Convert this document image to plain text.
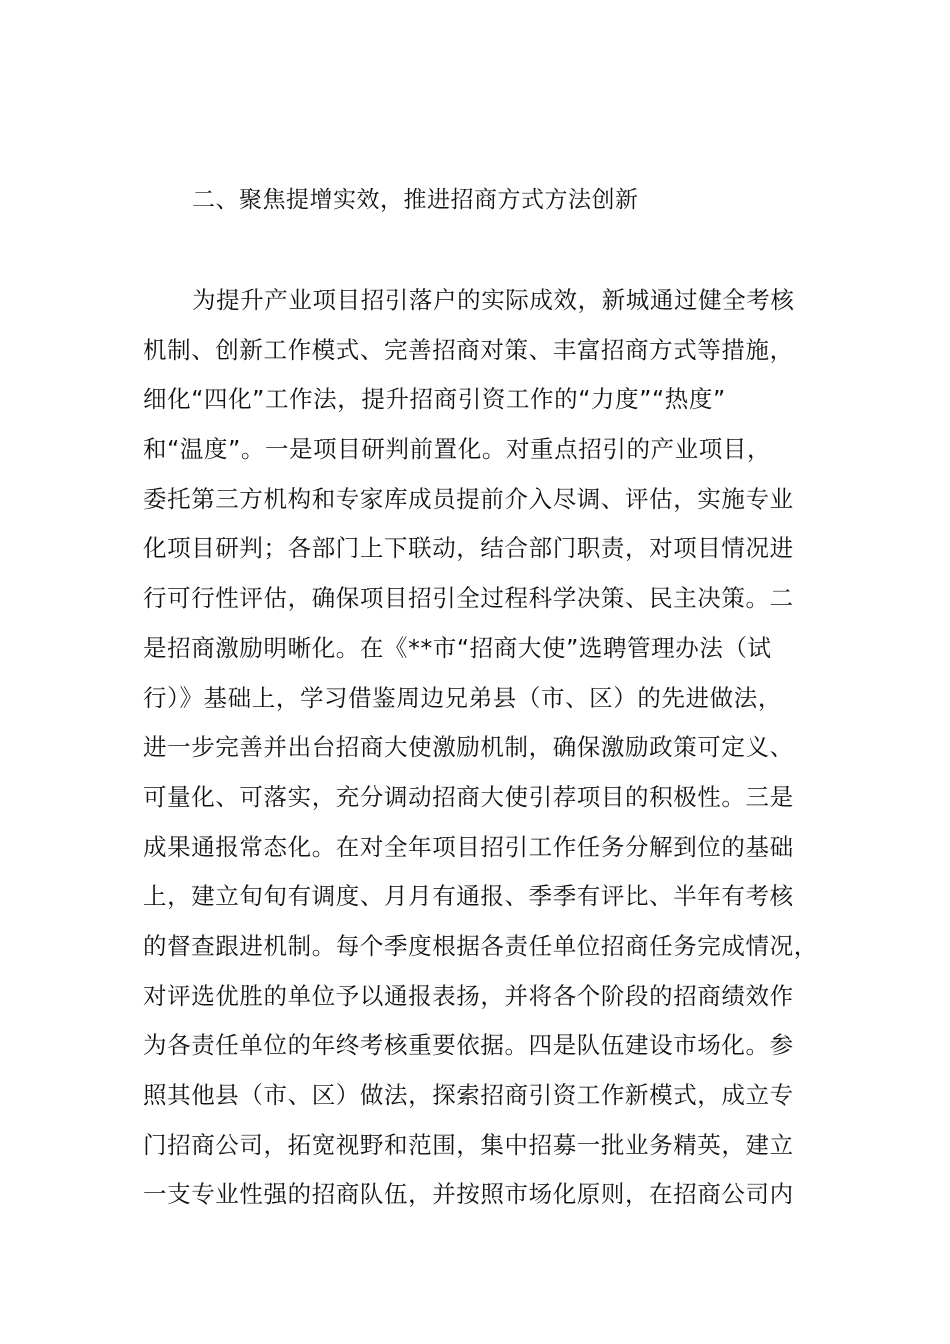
二、聚焦提增实效，推进招商方式方法创新
为提升产业项目招引落户的实际成效，新城通过健全考核
机制、创新工作模式、完善招商对策、丰富招商方式等措施，
细化“四化”工作法，提升招商引资工作的“力度”“热度”
和“温度”。一是项目研判前置化。对重点招引的产业项目，
委托第三方机构和专家库成员提前介入尽调、评估，实施专业
化项目研判；各部门上下联动，结合部门职责，对项目情况进
行可行性评估，确保项目招引全过程科学决策、民主决策。二
是招商激励明晰化。在《**市“招商大使”选聘管理办法（试
行）》基础上，学习借鉴周边兄弟县（市、区）的先进做法，
进一步完善并出台招商大使激励机制，确保激励政策可定义、
可量化、可落实，充分调动招商大使引荐项目的积极性。三是
成果通报常态化。在对全年项目招引工作任务分解到位的基础
上，建立旬旬有调度、月月有通报、季季有评比、半年有考核
的督查跟进机制。每个季度根据各责任单位招商任务完成情况，
对评选优胜的单位予以通报表扬，并将各个阶段的招商绩效作
为各责任单位的年终考核重要依据。四是队伍建设市场化。参
照其他县（市、区）做法，探索招商引资工作新模式，成立专
门招商公司，拓宽视野和范围，集中招募一批业务精英，建立
一支专业性强的招商队伍，并按照市场化原则，在招商公司内
